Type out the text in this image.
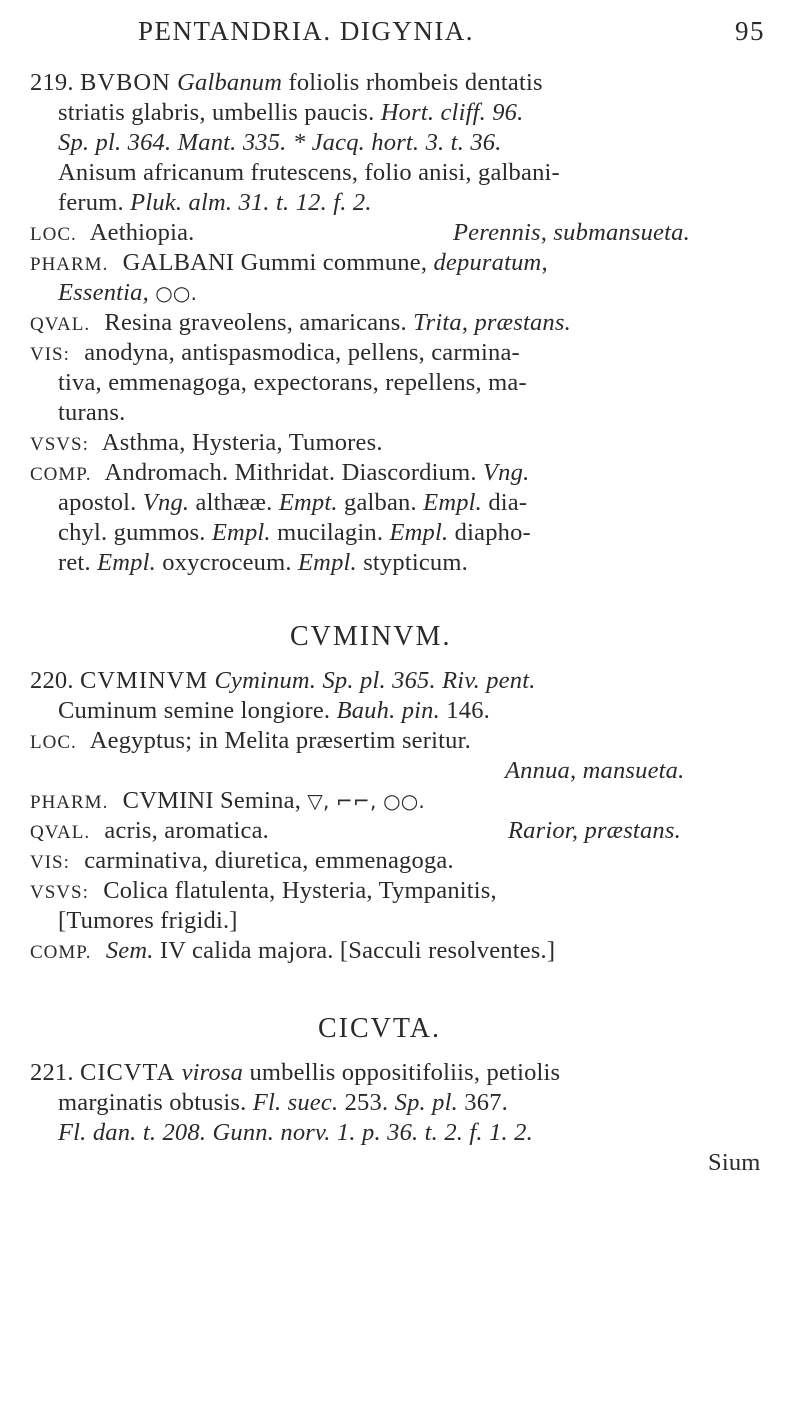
PENTANDRIA. DIGYNIA.	95
219. BVBON Galbanum foliolis rhombeis dentatis
striatis glabris, umbellis paucis. Hort. cliff. 96.
Sp. pl. 364. Mant. 335. * Jacq. hort. 3. t. 36.
Anisum africanum frutescens, folio anisi, galbani-
ferum. Pluk. alm. 31. t. 12. f. 2.
LOC. Aethiopia.	Perennis, submansueta.
PHARM. GALBANI Gummi commune, depuratum,
Essentia, ○○.
QVAL. Resina graveolens, amaricans. Trita, præstans.
VIS: anodyna, antispasmodica, pellens, carmina-
tiva, emmenagoga, expectorans, repellens, ma-
turans.
VSVS: Asthma, Hysteria, Tumores.
COMP. Andromach. Mithridat. Diascordium. Vng.
apostol. Vng. althææ. Empt. galban. Empl. dia-
chyl. gummos. Empl. mucilagin. Empl. diapho-
ret. Empl. oxycroceum. Empl. stypticum.
CVMINVM.
220. CVMINVM Cyminum. Sp. pl. 365. Riv. pent.
Cuminum semine longiore. Bauh. pin. 146.
LOC. Aegyptus; in Melita præsertim seritur.
Annua, mansueta.
PHARM. CVMINI Semina, ▽, ⌐⌐, ○○.
QVAL. acris, aromatica.	Rarior, præstans.
VIS: carminativa, diuretica, emmenagoga.
VSVS: Colica flatulenta, Hysteria, Tympanitis,
[Tumores frigidi.]
COMP. Sem. IV calida majora. [Sacculi resolventes.]
CICVTA.
221. CICVTA virosa umbellis oppositifoliis, petiolis
marginatis obtusis. Fl. suec. 253. Sp. pl. 367.
Fl. dan. t. 208. Gunn. norv. 1. p. 36. t. 2. f. 1. 2.
Sium
